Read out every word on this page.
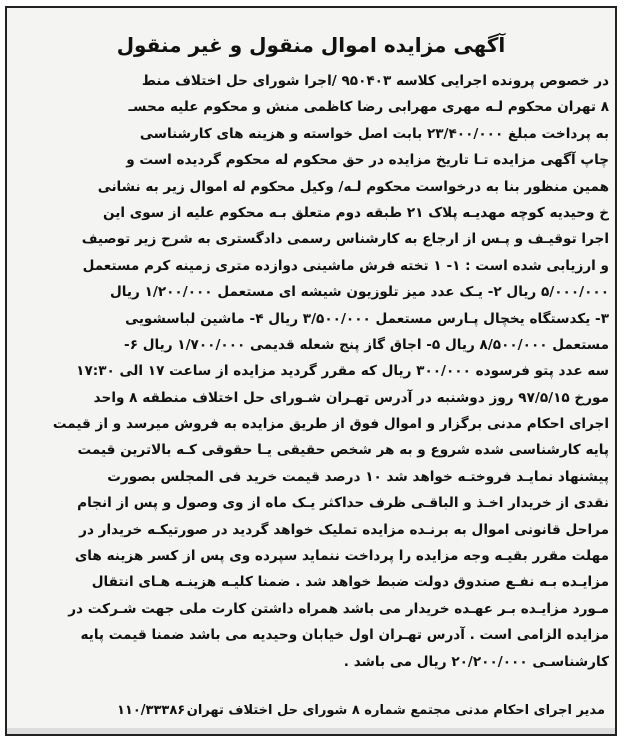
آگهی مزایده اموال منقول و غیر منقول
در خصوص پرونده اجرایی کلاسه ۹۵۰۴۰۳ /اجرا شورای حل اختلاف منط
۸ تهران محکوم لـه مهری مهرابی رضا کاظمی منش و محکوم علیه محسـ
به پرداخت مبلغ ۲۳/۴۰۰/۰۰۰ بابت اصل خواسته و هزینه های کارشناسی
چاپ آگهی مزایده تـا تاریخ مزایده در حق محکوم له محکوم گردیده است و
همین منظور بنا به درخواست محکوم لـه/ وکیل محکوم له اموال زیر به نشانی
خ وحیدیه کوچه مهدیـه پلاک ۲۱ طبقه دوم متعلق بـه محکوم علیه از سوی این
اجرا توقیـف و پـس از ارجاع به کارشناس رسمی دادگستری به شرح زیر توصیف
و ارزیابی شده است : ۱- ۱ تخته فرش ماشینی دوازده متری زمینه کرم مستعمل
۵/۰۰۰/۰۰۰ ریال ۲- یـک عدد میز تلوزیون شیشه ای مستعمل ۱/۲۰۰/۰۰۰ ریال
۳- یکدستگاه یخچال پـارس مستعمل ۳/۵۰۰/۰۰۰ ریال ۴- ماشین لباسشویی
مستعمل ۸/۵۰۰/۰۰۰ ریال ۵- اجاق گاز پنج شعله قدیمی ۱/۷۰۰/۰۰۰ ریال ۶-
سه عدد پتو فرسوده ۳۰۰/۰۰۰ ریال که مقرر گردید مزایده از ساعت ۱۷ الی ۱۷:۳۰
مورخ ۹۷/۵/۱۵ روز دوشنبه در آدرس تهـران شـورای حل اختلاف منطقه ۸ واحد
اجرای احکام مدنی برگزار و اموال فوق از طریق مزایده به فروش میرسد و از قیمت
پایه کارشناسی شده شروع و به هر شخص حقیقی یـا حقوقی کـه بالاترین قیمت
پیشنهاد نمایـد فروختـه خواهد شد ۱۰ درصد قیمت خرید فی المجلس بصورت
نقدی از خریدار اخـذ و الباقـی ظرف حداکثر یـک ماه از وی وصول و پس از انجام
مراحل قانونی اموال به برنـده مزایده تملیک خواهد گردید در صورتیکـه خریدار در
مهلت مقرر بقیـه وجه مزایده را پرداخت ننماید سپرده وی پس از کسر هزینه های
مزایـده بـه نفـع صندوق دولت ضبط خواهد شد . ضمنا کلیـه هزینـه هـای انتقال
مـورد مزایـده بـر عهـده خریدار می باشد همراه داشتن کارت ملی جهت شـرکت در
مزایده الزامی است . آدرس تهـران اول خیابان وحیدیه می باشد ضمنا قیمت پایه
کارشناسـی ۲۰/۲۰۰/۰۰۰ ریال می باشد .
مدیر اجرای احکام مدنی مجتمع شماره ۸ شورای حل اختلاف تهران
۱۱۰/۳۳۳۸۶
